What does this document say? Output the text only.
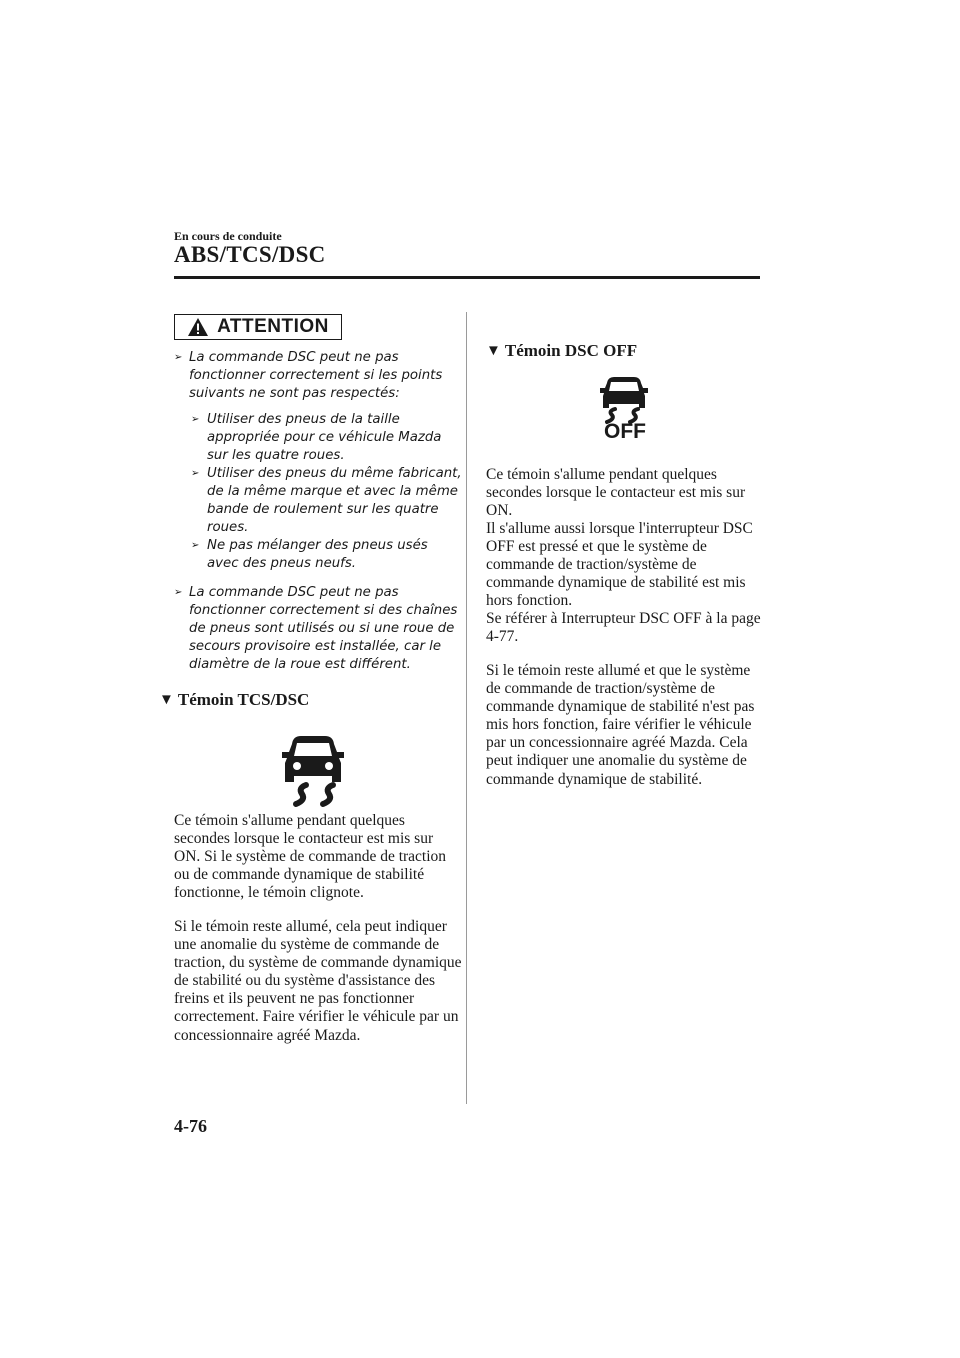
En cours de conduite
ABS/TCS/DSC
ATTENTION
➢ La commande DSC peut ne pas fonctionner correctement si les points suivants ne sont pas respectés:
➢ Utiliser des pneus de la taille appropriée pour ce véhicule Mazda sur les quatre roues.
➢ Utiliser des pneus du même fabricant, de la même marque et avec la même bande de roulement sur les quatre roues.
➢ Ne pas mélanger des pneus usés avec des pneus neufs.
➢ La commande DSC peut ne pas fonctionner correctement si des chaînes de pneus sont utilisés ou si une roue de secours provisoire est installée, car le diamètre de la roue est différent.
▼ Témoin TCS/DSC
Ce témoin s'allume pendant quelques secondes lorsque le contacteur est mis sur ON. Si le système de commande de traction ou de commande dynamique de stabilité fonctionne, le témoin clignote.
Si le témoin reste allumé, cela peut indiquer une anomalie du système de commande de traction, du système de commande dynamique de stabilité ou du système d'assistance des freins et ils peuvent ne pas fonctionner correctement. Faire vérifier le véhicule par un concessionnaire agréé Mazda.
▼ Témoin DSC OFF
OFF
Ce témoin s'allume pendant quelques secondes lorsque le contacteur est mis sur ON.
Il s'allume aussi lorsque l'interrupteur DSC OFF est pressé et que le système de commande de traction/système de commande dynamique de stabilité est mis hors fonction.
Se référer à Interrupteur DSC OFF à la page 4-77.
Si le témoin reste allumé et que le système de commande de traction/système de commande dynamique de stabilité n'est pas mis hors fonction, faire vérifier le véhicule par un concessionnaire agréé Mazda. Cela peut indiquer une anomalie du système de commande dynamique de stabilité.
4-76
